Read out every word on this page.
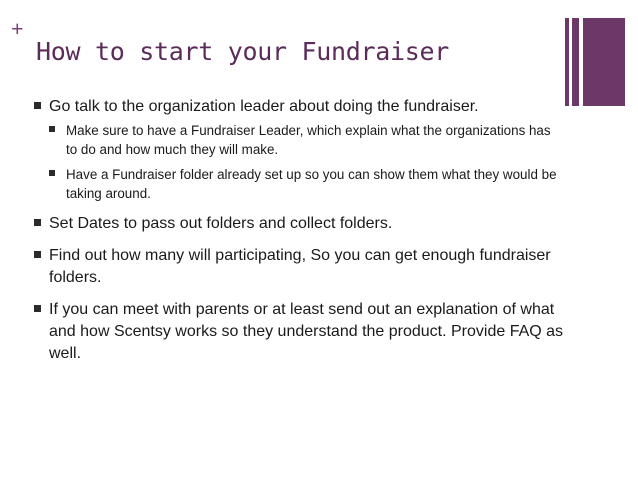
+
How to start your Fundraiser
Go talk to the organization leader about doing the fundraiser.
Make sure to have a Fundraiser Leader, which explain what the organizations has to do and how much they will make.
Have a Fundraiser folder already set up so you can show them what they would be taking around.
Set Dates to pass out folders and collect folders.
Find out how many will participating, So you can get enough fundraiser folders.
If you can meet with parents or at least send out an explanation of what and how Scentsy works so they understand the product. Provide FAQ as well.
